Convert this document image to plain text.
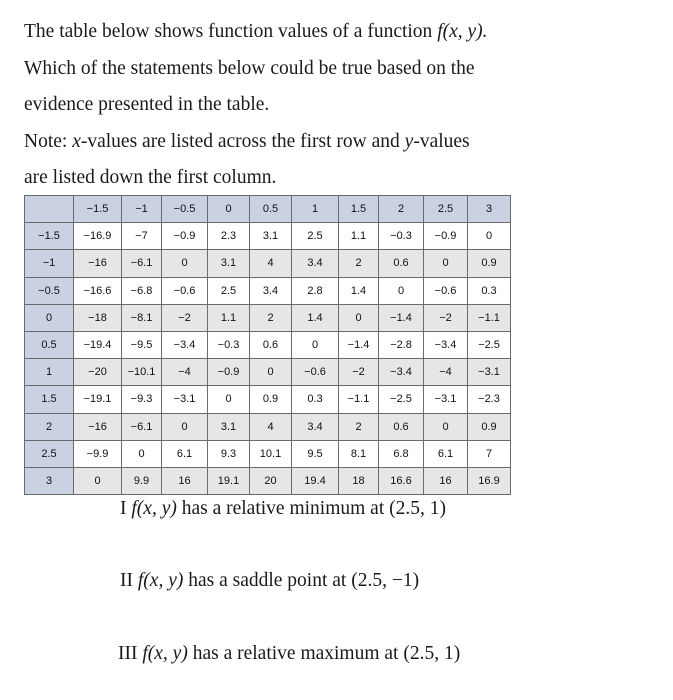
The table below shows function values of a function f(x, y).

Which of the statements below could be true based on the

evidence presented in the table.

Note: x-values are listed across the first row and y-values

are listed down the first column.

	−1.5	−1	−0.5	0	0.5	1	1.5	2	2.5	3
−1.5	−16.9	−7	−0.9	2.3	3.1	2.5	1.1	−0.3	−0.9	0
−1	−16	−6.1	0	3.1	4	3.4	2	0.6	0	0.9
−0.5	−16.6	−6.8	−0.6	2.5	3.4	2.8	1.4	0	−0.6	0.3
0	−18	−8.1	−2	1.1	2	1.4	0	−1.4	−2	−1.1
0.5	−19.4	−9.5	−3.4	−0.3	0.6	0	−1.4	−2.8	−3.4	−2.5
1	−20	−10.1	−4	−0.9	0	−0.6	−2	−3.4	−4	−3.1
1.5	−19.1	−9.3	−3.1	0	0.9	0.3	−1.1	−2.5	−3.1	−2.3
2	−16	−6.1	0	3.1	4	3.4	2	0.6	0	0.9
2.5	−9.9	0	6.1	9.3	10.1	9.5	8.1	6.8	6.1	7
3	0	9.9	16	19.1	20	19.4	18	16.6	16	16.9
I f(x, y) has a relative minimum at (2.5, 1)
II f(x, y) has a saddle point at (2.5, −1)
III f(x, y) has a relative maximum at (2.5, 1)
